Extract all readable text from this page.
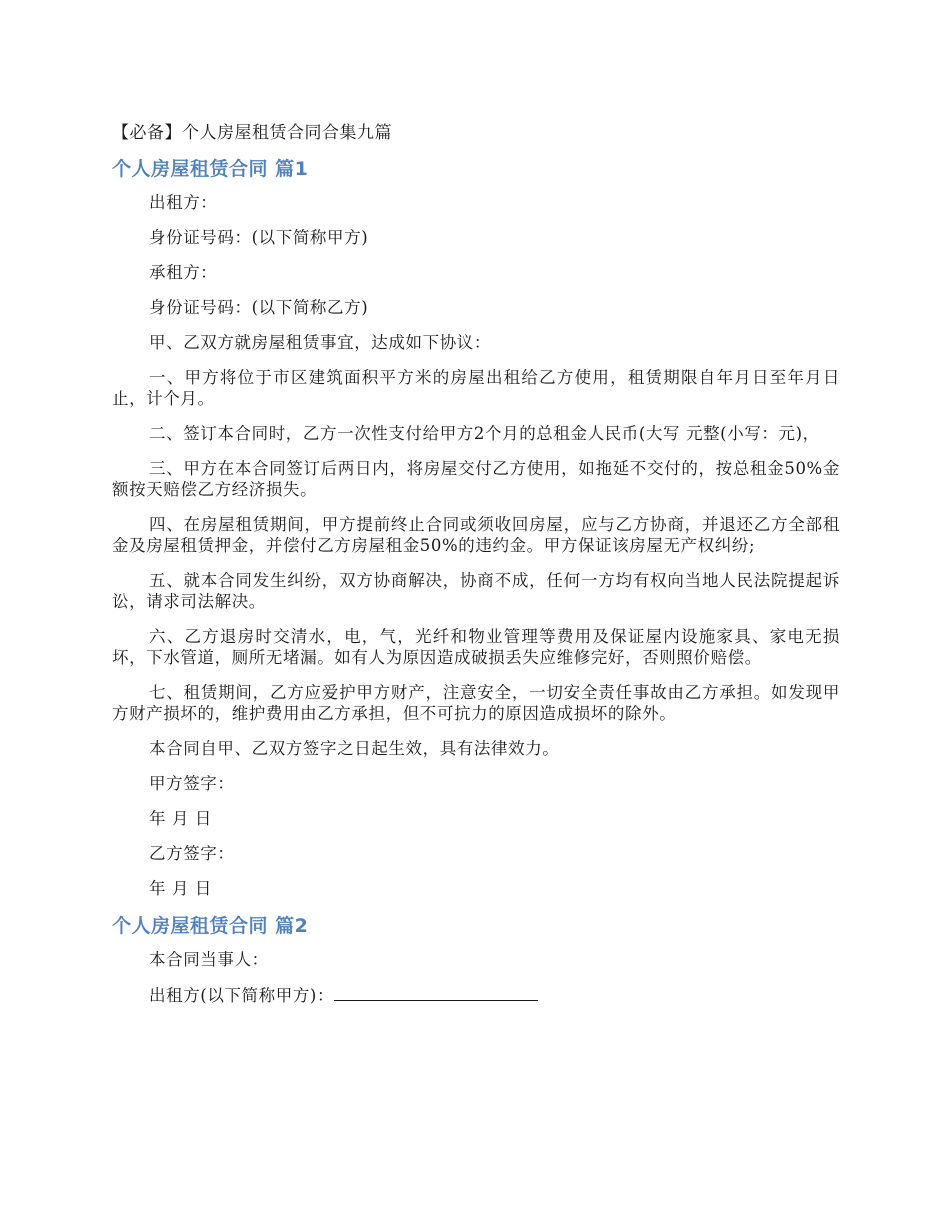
【必备】个人房屋租赁合同合集九篇
个人房屋租赁合同 篇1

出租方：

身份证号码：(以下简称甲方)

承租方：

身份证号码：(以下简称乙方)

甲、乙双方就房屋租赁事宜，达成如下协议：

一、甲方将位于市区建筑面积平方米的房屋出租给乙方使用，租赁期限自年月日至年月日止，计个月。

二、签订本合同时，乙方一次性支付给甲方2个月的总租金人民币(大写 元整(小写：元)，

三、甲方在本合同签订后两日内，将房屋交付乙方使用，如拖延不交付的，按总租金50%金额按天赔偿乙方经济损失。

四、在房屋租赁期间，甲方提前终止合同或须收回房屋，应与乙方协商，并退还乙方全部租金及房屋租赁押金，并偿付乙方房屋租金50%的违约金。甲方保证该房屋无产权纠纷;

五、就本合同发生纠纷，双方协商解决，协商不成，任何一方均有权向当地人民法院提起诉讼，请求司法解决。

六、乙方退房时交清水，电，气，光纤和物业管理等费用及保证屋内设施家具、家电无损坏，下水管道，厕所无堵漏。如有人为原因造成破损丢失应维修完好，否则照价赔偿。

七、租赁期间，乙方应爱护甲方财产，注意安全，一切安全责任事故由乙方承担。如发现甲方财产损坏的，维护费用由乙方承担，但不可抗力的原因造成损坏的除外。

本合同自甲、乙双方签字之日起生效，具有法律效力。

甲方签字：

年 月 日

乙方签字：

年 月 日

个人房屋租赁合同 篇2

本合同当事人：

出租方(以下简称甲方)：
